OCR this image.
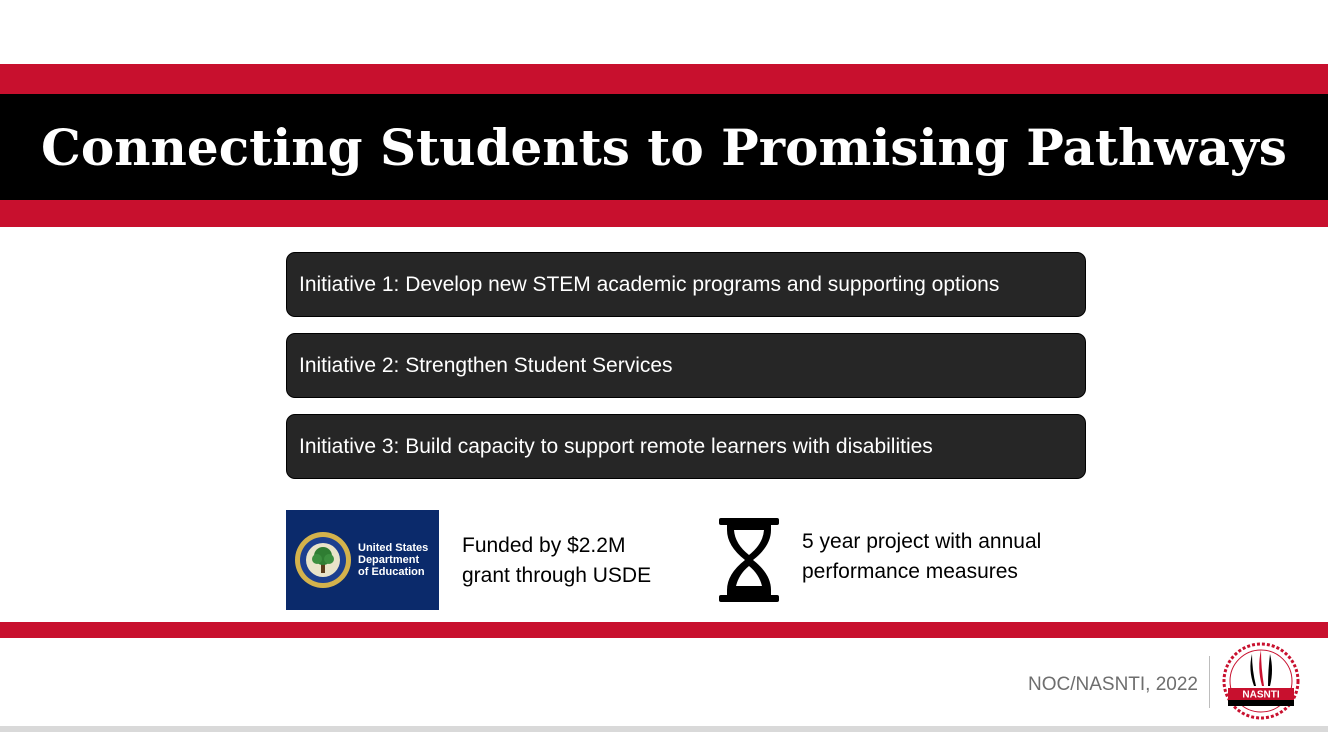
Connecting Students to Promising Pathways
Initiative 1: Develop new STEM academic programs and supporting options
Initiative 2: Strengthen Student Services
Initiative 3: Build capacity to support remote learners with disabilities
United States
Department
of Education
Funded by $2.2M
grant through USDE
5 year project with annual
performance measures
NOC/NASNTI, 2022	NASNTI
